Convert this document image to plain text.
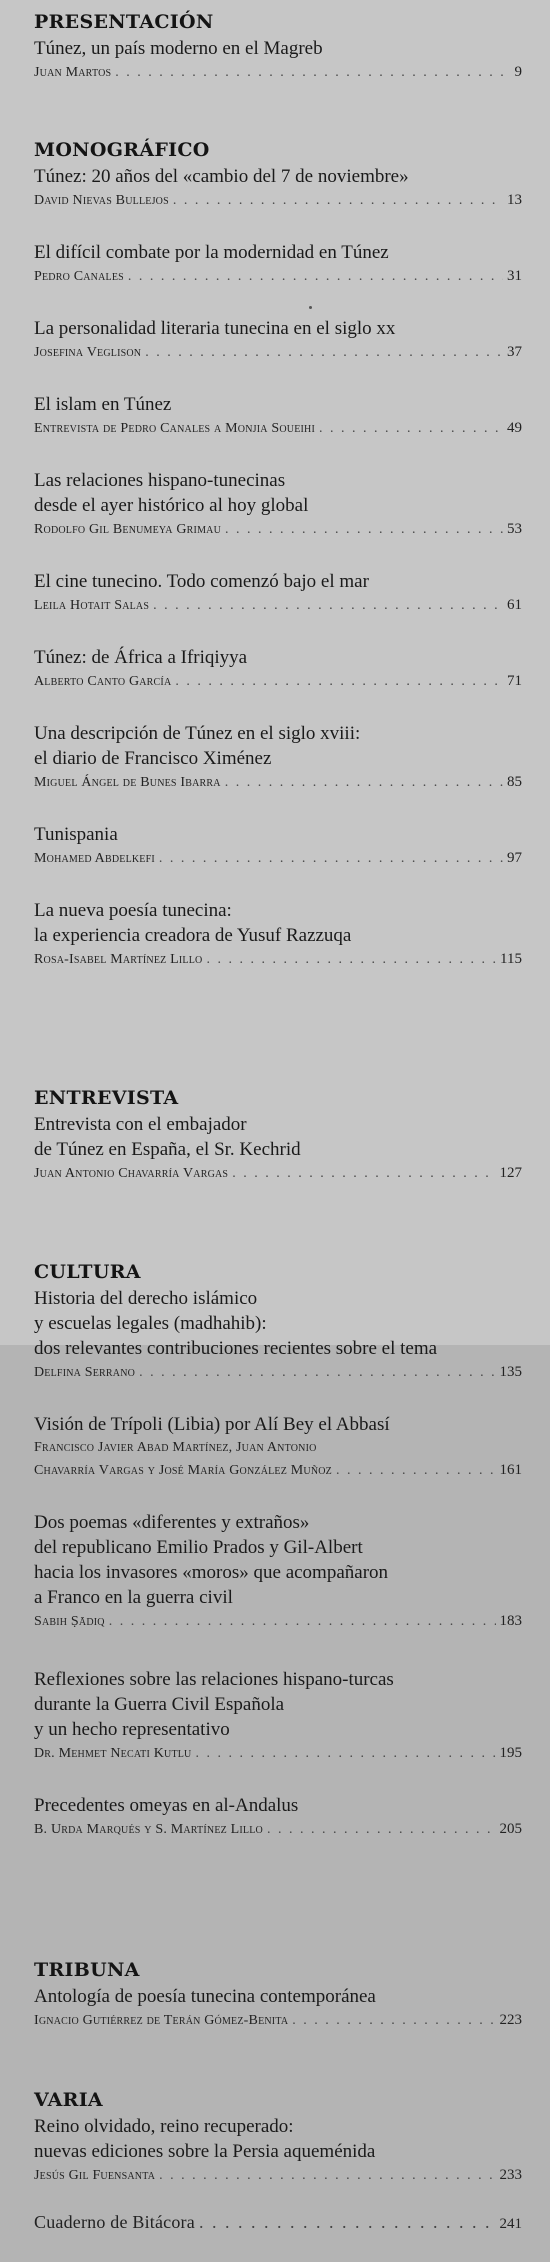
PRESENTACIÓN
Túnez, un país moderno en el Magreb
Juan Martos . . .	9
MONOGRÁFICO
Túnez: 20 años del «cambio del 7 de noviembre»
David Nievas Bullejos . . .	13
El difícil combate por la modernidad en Túnez
Pedro Canales . . .	31
La personalidad literaria tunecina en el siglo xx
Josefina Veglison . . .	37
El islam en Túnez
Entrevista de Pedro Canales a Monjia Soueihi . . .	49
Las relaciones hispano-tunecinas
desde el ayer histórico al hoy global
Rodolfo Gil Benumeya Grimau . . .	53
El cine tunecino. Todo comenzó bajo el mar
Leila Hotait Salas . . .	61
Túnez: de África a Ifriqiyya
Alberto Canto García . . .	71
Una descripción de Túnez en el siglo xviii:
el diario de Francisco Ximénez
Miguel Ángel de Bunes Ibarra . . .	85
Tunispania
Mohamed Abdelkefi . . .	97
La nueva poesía tunecina:
la experiencia creadora de Yusuf Razzuqa
Rosa-Isabel Martínez Lillo . . .	115
ENTREVISTA
Entrevista con el embajador
de Túnez en España, el Sr. Kechrid
Juan Antonio Chavarría Vargas . . .	127
CULTURA
Historia del derecho islámico
y escuelas legales (madhahib):
dos relevantes contribuciones recientes sobre el tema
Delfina Serrano . . .	135
Visión de Trípoli (Libia) por Alí Bey el Abbasí
Francisco Javier Abad Martínez, Juan Antonio
Chavarría Vargas y José María González Muñoz . . .	161
Dos poemas «diferentes y extraños»
del republicano Emilio Prados y Gil-Albert
hacia los invasores «moros» que acompañaron
a Franco en la guerra civil
Sabih Ṣādiq . . .	183
Reflexiones sobre las relaciones hispano-turcas
durante la Guerra Civil Española
y un hecho representativo
Dr. Mehmet Necati Kutlu . . .	195
Precedentes omeyas en al-Andalus
B. Urda Marqués y S. Martínez Lillo . . .	205
TRIBUNA
Antología de poesía tunecina contemporánea
Ignacio Gutiérrez de Terán Gómez-Benita . . .	223
VARIA
Reino olvidado, reino recuperado:
nuevas ediciones sobre la Persia aqueménida
Jesús Gil Fuensanta . . .	233
Cuaderno de Bitácora . . .	241
